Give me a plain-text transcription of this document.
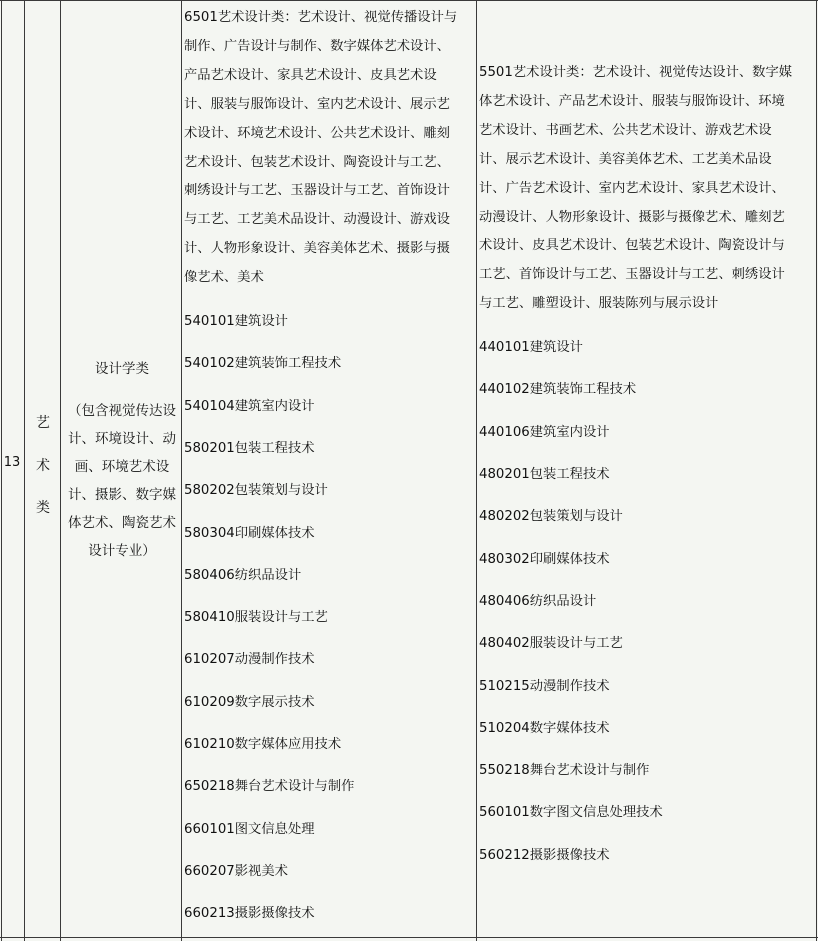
13
艺
术
类
设计学类
（包含视觉传达设
计、环境设计、动
画、环境艺术设
计、摄影、数字媒
体艺术、陶瓷艺术
设计专业）
6501艺术设计类：艺术设计、视觉传播设计与
制作、广告设计与制作、数字媒体艺术设计、
产品艺术设计、家具艺术设计、皮具艺术设
计、服装与服饰设计、室内艺术设计、展示艺
术设计、环境艺术设计、公共艺术设计、雕刻
艺术设计、包装艺术设计、陶瓷设计与工艺、
刺绣设计与工艺、玉器设计与工艺、首饰设计
与工艺、工艺美术品设计、动漫设计、游戏设
计、人物形象设计、美容美体艺术、摄影与摄
像艺术、美术
540101建筑设计
540102建筑装饰工程技术
540104建筑室内设计
580201包装工程技术
580202包装策划与设计
580304印刷媒体技术
580406纺织品设计
580410服装设计与工艺
610207动漫制作技术
610209数字展示技术
610210数字媒体应用技术
650218舞台艺术设计与制作
660101图文信息处理
660207影视美术
660213摄影摄像技术
5501艺术设计类：艺术设计、视觉传达设计、数字媒
体艺术设计、产品艺术设计、服装与服饰设计、环境
艺术设计、书画艺术、公共艺术设计、游戏艺术设
计、展示艺术设计、美容美体艺术、工艺美术品设
计、广告艺术设计、室内艺术设计、家具艺术设计、
动漫设计、人物形象设计、摄影与摄像艺术、雕刻艺
术设计、皮具艺术设计、包装艺术设计、陶瓷设计与
工艺、首饰设计与工艺、玉器设计与工艺、刺绣设计
与工艺、雕塑设计、服装陈列与展示设计
440101建筑设计
440102建筑装饰工程技术
440106建筑室内设计
480201包装工程技术
480202包装策划与设计
480302印刷媒体技术
480406纺织品设计
480402服装设计与工艺
510215动漫制作技术
510204数字媒体技术
550218舞台艺术设计与制作
560101数字图文信息处理技术
560212摄影摄像技术
